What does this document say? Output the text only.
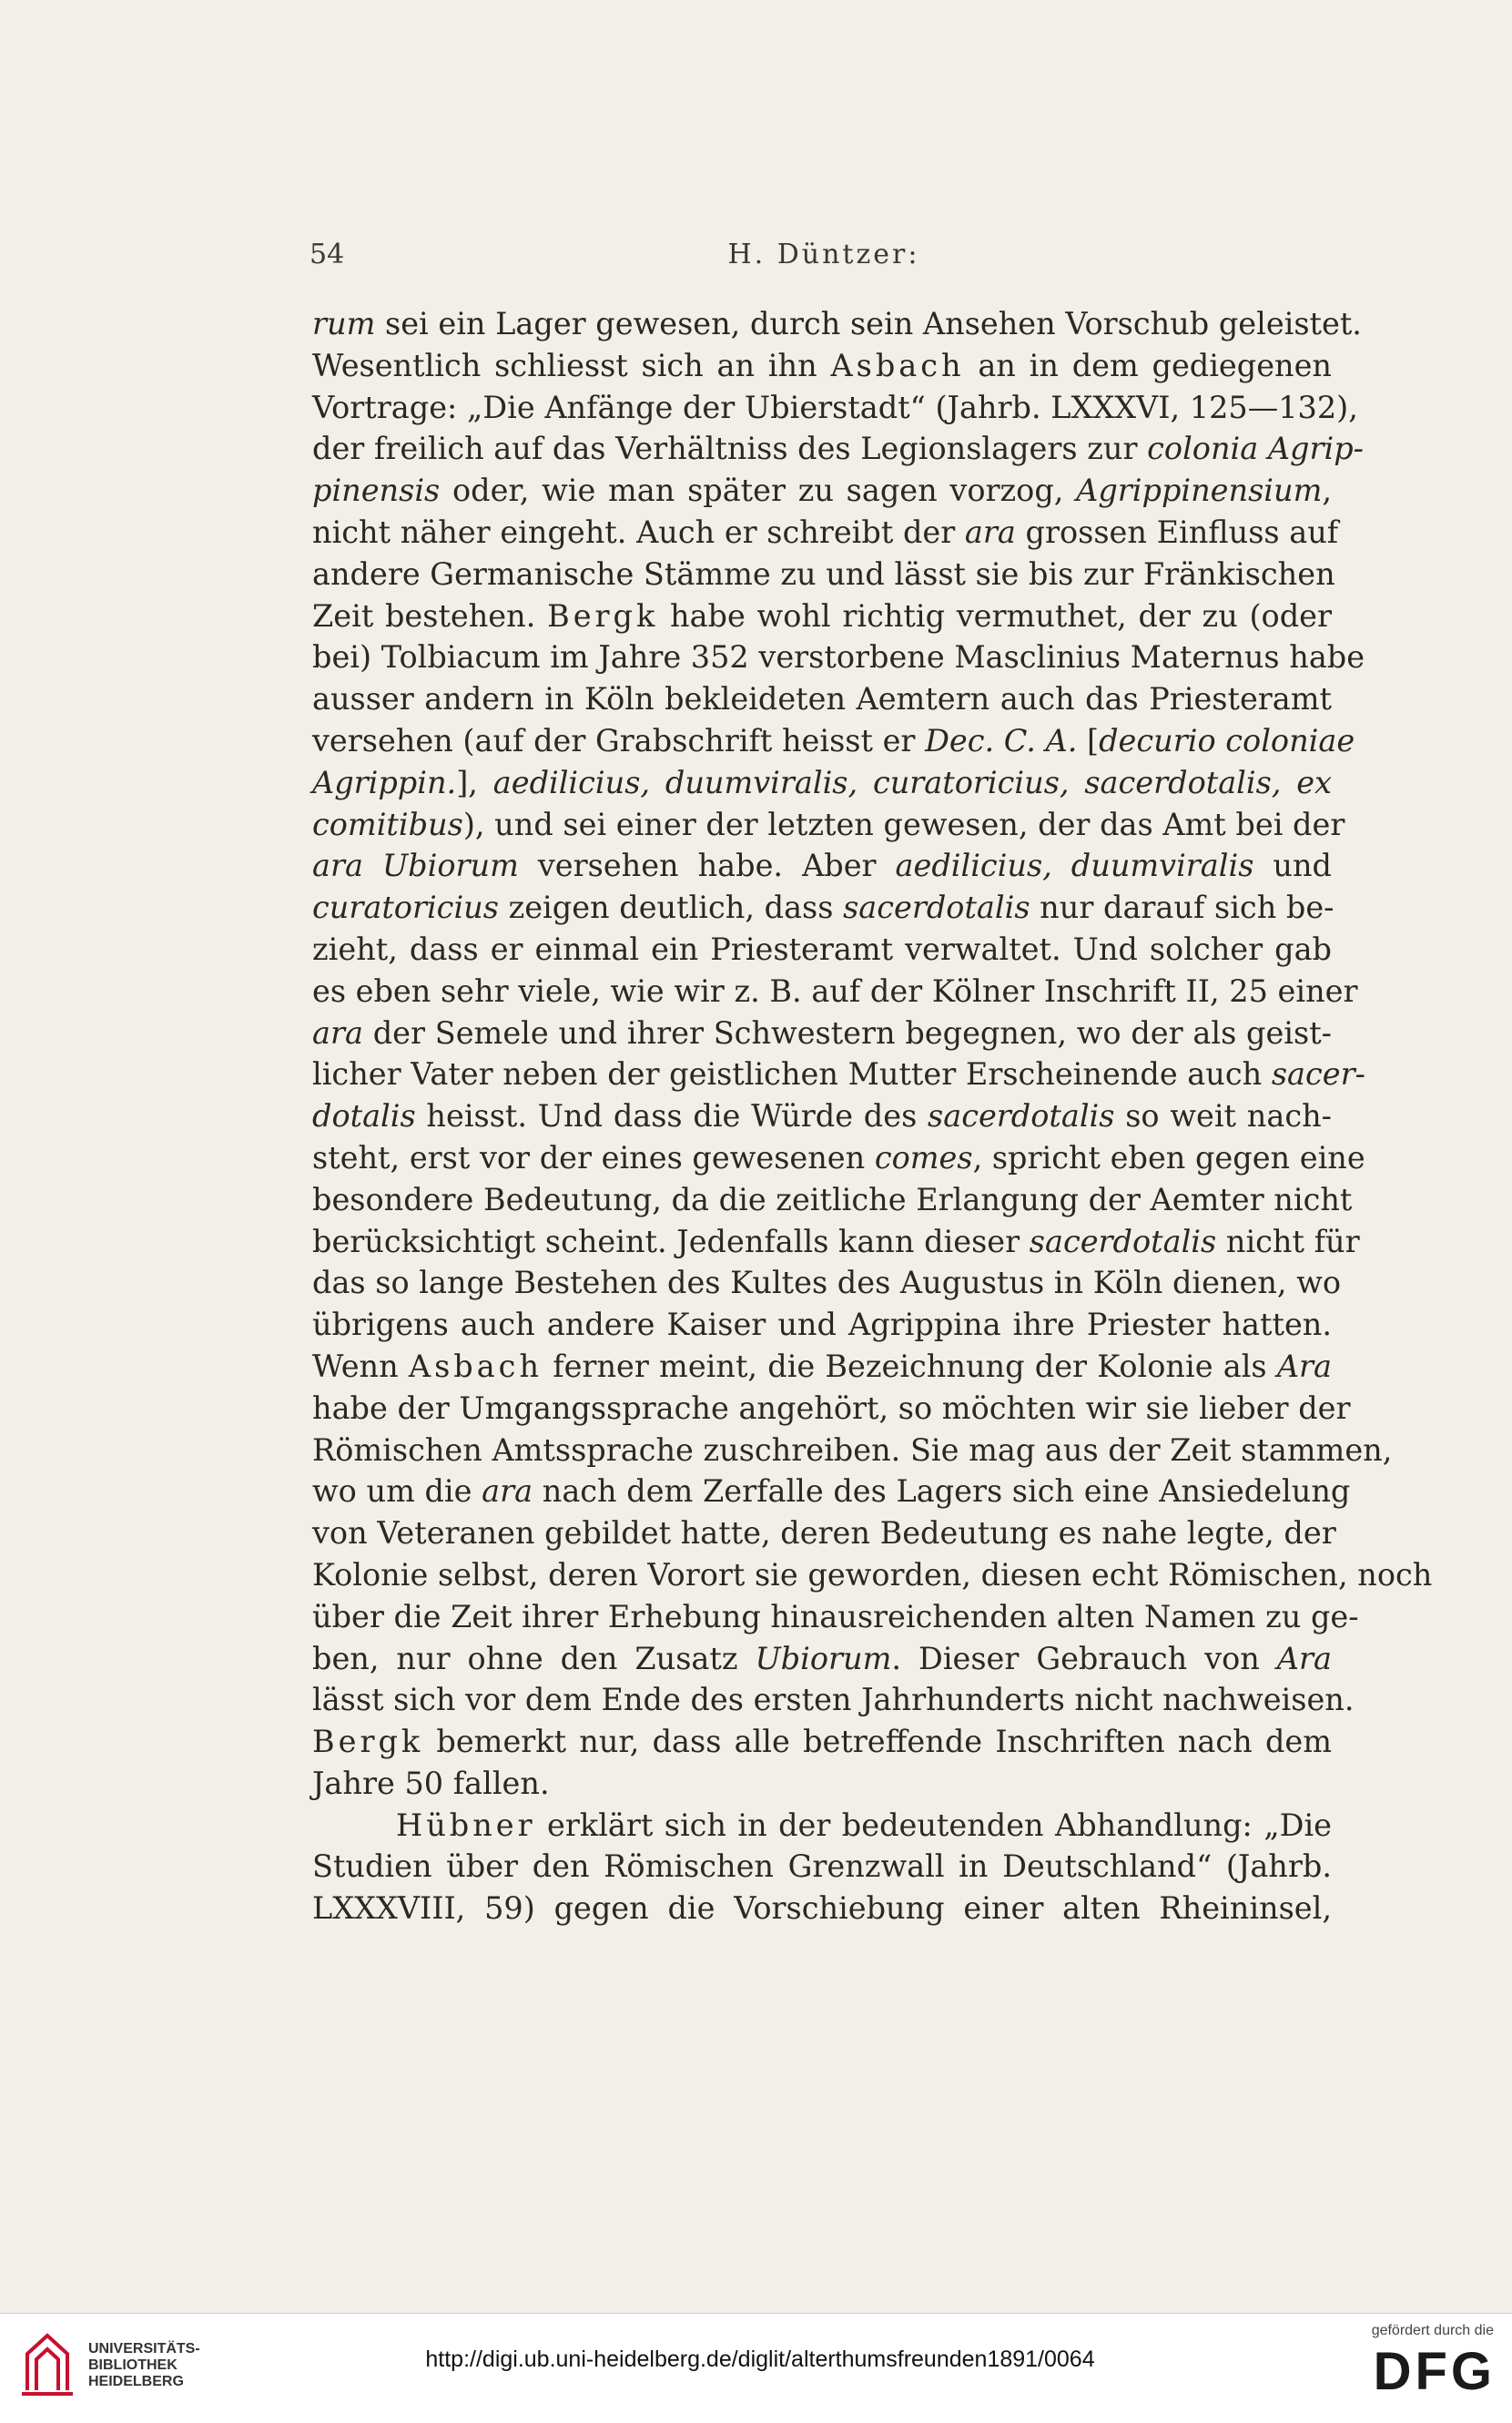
54	H. Düntzer:
rum sei ein Lager gewesen, durch sein Ansehen Vorschub geleistet.
Wesentlich schliesst sich an ihn Asbach an in dem gediegenen
Vortrage: „Die Anfänge der Ubierstadt“ (Jahrb. LXXXVI, 125—132),
der freilich auf das Verhältniss des Legionslagers zur colonia Agrip-
pinensis oder, wie man später zu sagen vorzog, Agrippinensium,
nicht näher eingeht. Auch er schreibt der ara grossen Einfluss auf
andere Germanische Stämme zu und lässt sie bis zur Fränkischen
Zeit bestehen. Bergk habe wohl richtig vermuthet, der zu (oder
bei) Tolbiacum im Jahre 352 verstorbene Masclinius Maternus habe
ausser andern in Köln bekleideten Aemtern auch das Priesteramt
versehen (auf der Grabschrift heisst er Dec. C. A. [decurio coloniae
Agrippin.], aedilicius, duumviralis, curatoricius, sacerdotalis, ex
comitibus), und sei einer der letzten gewesen, der das Amt bei der
ara Ubiorum versehen habe. Aber aedilicius, duumviralis und
curatoricius zeigen deutlich, dass sacerdotalis nur darauf sich be-
zieht, dass er einmal ein Priesteramt verwaltet. Und solcher gab
es eben sehr viele, wie wir z. B. auf der Kölner Inschrift II, 25 einer
ara der Semele und ihrer Schwestern begegnen, wo der als geist-
licher Vater neben der geistlichen Mutter Erscheinende auch sacer-
dotalis heisst. Und dass die Würde des sacerdotalis so weit nach-
steht, erst vor der eines gewesenen comes, spricht eben gegen eine
besondere Bedeutung, da die zeitliche Erlangung der Aemter nicht
berücksichtigt scheint. Jedenfalls kann dieser sacerdotalis nicht für
das so lange Bestehen des Kultes des Augustus in Köln dienen, wo
übrigens auch andere Kaiser und Agrippina ihre Priester hatten.
Wenn Asbach ferner meint, die Bezeichnung der Kolonie als Ara
habe der Umgangssprache angehört, so möchten wir sie lieber der
Römischen Amtssprache zuschreiben. Sie mag aus der Zeit stammen,
wo um die ara nach dem Zerfalle des Lagers sich eine Ansiedelung
von Veteranen gebildet hatte, deren Bedeutung es nahe legte, der
Kolonie selbst, deren Vorort sie geworden, diesen echt Römischen, noch
über die Zeit ihrer Erhebung hinausreichenden alten Namen zu ge-
ben, nur ohne den Zusatz Ubiorum. Dieser Gebrauch von Ara
lässt sich vor dem Ende des ersten Jahrhunderts nicht nachweisen.
Bergk bemerkt nur, dass alle betreffende Inschriften nach dem
Jahre 50 fallen.
Hübner erklärt sich in der bedeutenden Abhandlung: „Die
Studien über den Römischen Grenzwall in Deutschland“ (Jahrb.
LXXXVIII, 59) gegen die Vorschiebung einer alten Rheininsel,
UNIVERSITÄTS-
BIBLIOTHEK
HEIDELBERG
http://digi.ub.uni-heidelberg.de/diglit/alterthumsfreunden1891/0064
gefördert durch die
DFG
